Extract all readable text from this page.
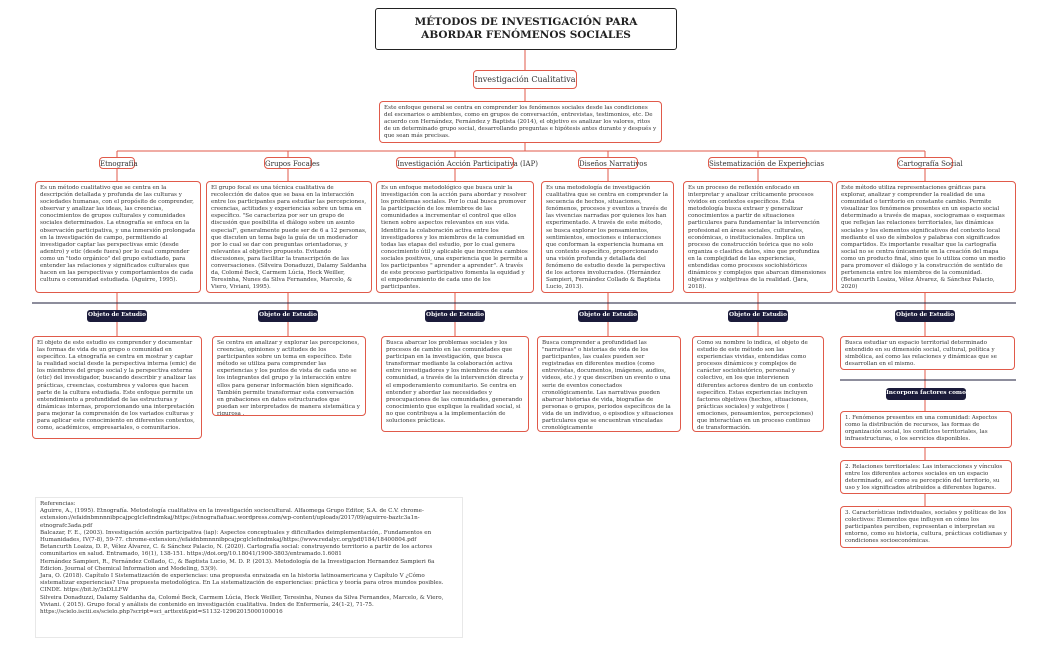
MÉTODOS DE INVESTIGACIÓN PARA ABORDAR FENÓMENOS SOCIALES
Investigación Cualitativa
Este enfoque general se centra en comprender los fenómenos sociales desde las condiciones del escenarios o ambientes, como en grupos de conversación, entrevistas, testimonios, etc. De acuerdo con Hernández, Fernández y Baptista (2014), el objetivo es analizar los valores, ritos de un determinado grupo social, desarrollando preguntas e hipótesis antes durante y después y que sean más precisas.
Etnografía	Grupos Focales	Investigación Acción Participativa (IAP)	Diseños Narrativos	Sistematización de Experiencias	Cartografía Social
Es un método cualitativo que se centra en la descripción detallada y profunda de las culturas y sociedades humanas, con el propósito de comprender, observar y analizar las ideas, las creencias, conocimientos de grupos culturales y comunidades sociales determinados. La etnografía se enfoca en la observación participativa, y una inmersión prolongada en la investigación de campo, permitiendo al investigador captar las perspectivas emic (desde adentro) y etic (desde fuera) por lo cual comprender como un "todo orgánico" del grupo estudiado, para entender las relaciones y significados culturales que hacen en las perspectivas y comportamientos de cada cultura o comunidad estudiada. (Aguirre, 1995).
El grupo focal es una técnica cualitativa de recolección de datos que se basa en la interacción entre los participantes para estudiar las percepciones, creencias, actitudes y experiencias sobre un tema en específico. "Se caracteriza por ser un grupo de discusión que posibilita el diálogo sobre un asunto especial", generalmente puede ser de 6 a 12 personas, que discuten un tema bajo la guía de un moderador por lo cual se dar con preguntas orientadoras, y relevantes al objetivo propuesto. Evitando discusiones, para facilitar la transcripción de las conversaciones. (Silveira Donaduzzi, Dalamy Saldanha da, Colomé Beck, Carmem Lúcia, Heck Weiller, Teresinha, Nunes da Silva Fernandes, Marcelo, & Viero, Viviani, 1995).
Es un enfoque metodológico que busca unir la investigación con la acción para abordar y resolver los problemas sociales. Por lo cual busca promover la participación de los miembros de las comunidades a incrementar el control que ellos tienen sobre aspectos relevantes en sus vida. Identifica la colaboración activa entre los investigadores y los miembros de la comunidad en todas las etapas del estudio, por lo cual genera conocimiento útil y aplicable que incentiva cambios sociales positivos, una experiencia que le permite a los participantes " aprender a aprender". A través de este proceso participativo fomenta la equidad y el empoderamiento de cada uno de los participantes.
Es una metodología de investigación cualitativa que se centra en comprender la secuencia de hechos, situaciones, fenómenos, procesos y eventos a través de las vivencias narradas por quienes los han experimentado. A través de este método, se busca explorar los pensamientos, sentimientos, emociones e interacciones que conforman la experiencia humana en un contexto específico, proporcionando una visión profunda y detallada del fenómeno de estudio desde la perspectiva de los actores involucrados. (Hernández Sampieri, Fernández Collado & Baptista Lucio, 2013).
Es un proceso de reflexión enfocado en interpretar y analizar críticamente procesos vividos en contextos específicos. Esta metodología busca extraer y generalizar conocimientos a partir de situaciones particulares para fundamentar la intervención profesional en áreas sociales, culturales, económicas, o institucionales. Implica un proceso de construcción teórica que no solo organiza o clasifica datos, sino que profundiza en la complejidad de las experiencias, entendidas como procesos sociohistóricos dinámicos y complejos que abarcan dimensiones objetivas y subjetivas de la realidad. (Jara, 2018).
Este método utiliza representaciones gráficas para explorar, analizar y comprender la realidad de una comunidad o territorio en constante cambio. Permite visualizar los fenómenos presentes en un espacio social determinado a través de mapas, sociogramas o esquemas que reflejan las relaciones territoriales, las dinámicas sociales y los elementos significativos del contexto local mediante el uso de símbolos y palabras con significados compartidos. Es importante resaltar que la cartografía social no se centra únicamente en la creación del mapa como un producto final, sino que lo utiliza como un medio para promover el diálogo y la construcción de sentido de pertenencia entre los miembros de la comunidad. (Betancurth Loaiza, Vélez Álvarez, & Sánchez Palacio, 2020)
Objeto de Estudio	Objeto de Estudio	Objeto de Estudio	Objeto de Estudio	Objeto de Estudio	Objeto de Estudio
El objeto de este estudio es comprender y documentar las formas de vida de un grupo o comunidad en específico. La etnografía se centra en mostrar y captar la realidad social desde la perspectiva interna (emic) de los miembros del grupo social y la perspectiva externa (etic) del investigador, buscando describir y analizar las prácticas, creencias, costumbres y valores que hacen parte de la cultura estudiada. Este enfoque permite un entendimiento a profundidad de las estructuras y dinámicas internas, proporcionando una interpretación para mejorar la comprensión de los variados culturas y para aplicar este conocimiento en diferentes contextos, como, académicos, empresariales, o comunitarios.
Se centra en analizar y explorar las percepciones, creencias, opiniones y actitudes de los participantes sobre un tema en específico. Este método se utiliza para comprender las experiencias y los puntos de vista de cada uno se los integrantes del grupo y la interacción entre ellos para generar información bien significado. También permite transformar esta conversación en grabaciones en datos estructurados que puedan ser interpretados de manera sistemática y rigurosa .
Busca abarcar los problemas sociales y los procesos de cambio en las comunidades que participan en la investigación, que busca transformar mediante la colaboración activa entre investigadores y los miembros de cada comunidad, a través de la intervención directa y el empoderamiento comunitario. Se centra en entender y abordar las necesidades y preocupaciones de las comunidades, generando conocimiento que explique la realidad social, si no que contribuya a la implementación de soluciones prácticas.
Busca comprender a profundidad las "narrativas" o historias de vida de los participantes, las cuales pueden ser registradas en diferentes medios (como entrevistas, documentos, imágenes, audios, videos, etc.) y que describen un evento o una serie de eventos conectados cronológicamente. Las narrativas pueden abarcar historias de vida, biografías de personas o grupos, periodos específicos de la vida de un individuo, o episodios y situaciones particulares que se encuentran vinculadas cronológicamente
Como su nombre lo indica, el objeto de estudio de este método son las experiencias vividas, entendidas como procesos dinámicos y complejos de carácter sociohistórico, personal y colectivo, en los que intervienen diferentes actores dentro de un contexto específico. Estas experiencias incluyen factores objetivos (hechos, situaciones, prácticas sociales) y subjetivos ( emociones, pensamientos, percepciones) que interactúan en un proceso continuo de transformación.
Busca estudiar un espacio territorial determinado entendido en su dimensión social, cultural, política y simbólica, así como las relaciones y dinámicas que se desarrollan en el mismo.
Incorpora factores como
1. Fenómenos presentes en una comunidad: Aspectos como la distribución de recursos, las formas de organización social, los conflictos territoriales, las infraestructuras, o los servicios disponibles.
2. Relaciones territoriales: Las interacciones y vínculos entre los diferentes actores sociales en un espacio determinado, así como su percepción del territorio, su uso y los significados atribuidos a diferentes lugares.
3. Características individuales, sociales y políticas de los colectivos: Elementos que influyen en cómo los participantes perciben, representan e interpretan su entorno, como su historia, cultura, prácticas cotidianas y condiciones socioeconómicas.

Referencias:

Aguirre, A., (1995). Etnografía. Metodología cualitativa en la investigación sociocultural. Alfaomega Grupo Editor, S.A. de C.V. chrome-extension://efaidnbmnnnibpcajpcglclefindmkaj/https://etnografiafuac.wordpress.com/wp-content/uploads/2017/09/aguirre-baztc3a1n-etnografc3ada.pdf

Balcazar, F. E., (2003). Investigación acción participativa (iap): Aspectos conceptuales y dificultades deimplementación,. Fundamentos en Humanidades, IV(7-8), 59-77. chrome-extension://efaidnbmnnnibpcajpcglclefindmkaj/https://www.redalyc.org/pdf/184/18400804.pdf

Betancurth Loaiza, D. P., Vélez Álvarez, C. & Sánchez Palacio, N. (2020). Cartografía social: construyendo territorio a partir de los actores comunitarios en salud. Entramado, 16(1), 138-151. https://doi.org/10.18041/1900-3803/entramado.1.6081

Hernández Sampieri, R., Fernández Collado, C., & Baptista Lucio, M. D. P. (2013). Metodología de la Investigacion Hernandez Sampieri 6a Edicion. Journal of Chemical Information and Modeling, 53(9).

Jara, O. (2018). Capítulo I Sistematización de experiencias: una propuesta enraizada en la historia latinoamericana y Capítulo V ¿Cómo sistematizar experiencias? Una propuesta metodológica. En La sistematización de experiencias: práctica y teoría para otros mundos posibles. CINDE. https://bit.ly/3xDLLFW

Silveira Donaduzzi, Dalamy Saldanha da, Colomé Beck, Carmem Lúcia, Heck Weiller, Teresinha, Nunes da Silva Fernandes, Marcelo, & Viero, Viviani. ( 2015). Grupo focal y análisis de contenido en investigación cualitativa. Index de Enfermería, 24(1-2), 71-75. https://scielo.isciii.es/scielo.php?script=sci_arttext&pid=S1132-12962015000100016
